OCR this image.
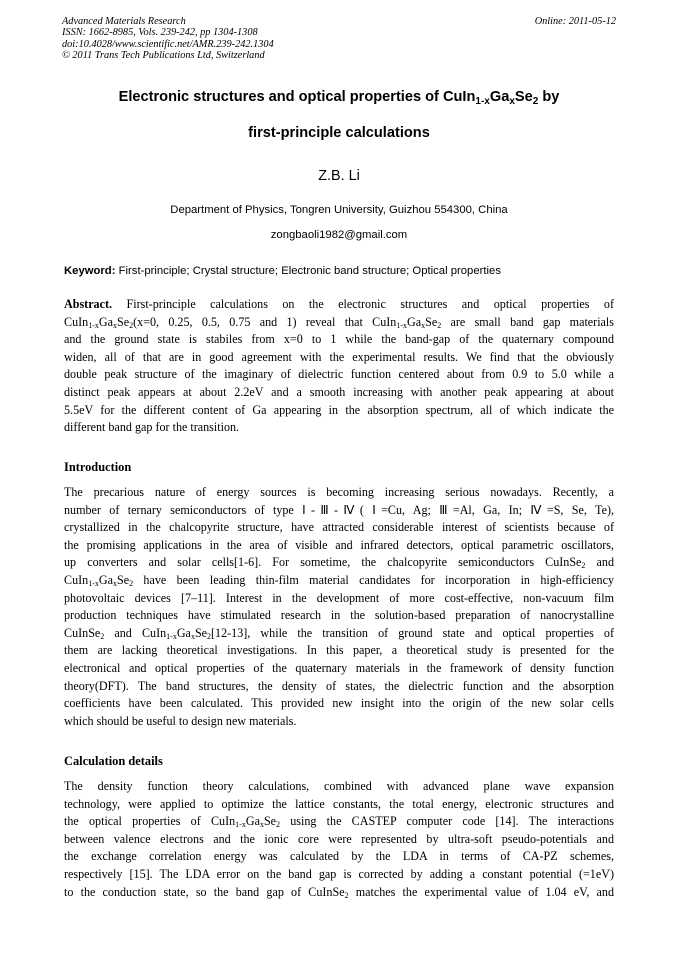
Advanced Materials Research
ISSN: 1662-8985, Vols. 239-242, pp 1304-1308
doi:10.4028/www.scientific.net/AMR.239-242.1304
© 2011 Trans Tech Publications Ltd, Switzerland
Online: 2011-05-12
Electronic structures and optical properties of $CuIn_{1-x}Ga_xSe_2$ by
first-principle calculations
Z.B. Li
Department of Physics, Tongren University, Guizhou 554300, China
zongbaoli1982@gmail.com
Keyword: First-principle; Crystal structure; Electronic band structure; Optical properties
Abstract. First-principle calculations on the electronic structures and optical properties of
$CuIn_{1-x}Ga_xSe_2(x=0$, 0.25, 0.5, 0.75 and 1) reveal that $CuIn_{1-x}Ga_xSe_2$ are small band gap materials
and the ground state is stabiles from x=0 to 1 while the band-gap of the quaternary compound
widen, all of that are in good agreement with the experimental results. We find that the obviously
double peak structure of the imaginary of dielectric function centered about from 0.9 to 5.0 while a
distinct peak appears at about 2.2eV and a smooth increasing with another peak appearing at about
5.5eV for the different content of Ga appearing in the absorption spectrum, all of which indicate the
different band gap for the transition.
Introduction
The precarious nature of energy sources is becoming increasing serious nowadays. Recently, a
number of ternary semiconductors of type Ⅰ-Ⅲ-Ⅳ( Ⅰ=Cu, Ag; Ⅲ=Al, Ga, In; Ⅳ=S, Se, Te),
crystallized in the chalcopyrite structure, have attracted considerable interest of scientists because of
the promising applications in the area of visible and infrared detectors, optical parametric oscillators,
up converters and solar cells[1-6]. For sometime, the chalcopyrite semiconductors CuInSe$_2$ and
$CuIn_{1-x}Ga_xSe_2$ have been leading thin-film material candidates for incorporation in high-efficiency
photovoltaic devices [7–11]. Interest in the development of more cost-effective, non-vacuum film
production techniques have stimulated research in the solution-based preparation of nanocrystalline
CuInSe$_2$ and $CuIn_{1-x}Ga_xSe_2[12-13]$, while the transition of ground state and optical properties of
them are lacking theoretical investigations. In this paper, a theoretical study is presented for the
electronical and optical properties of the quaternary materials in the framework of density function
theory(DFT). The band structures, the density of states, the dielectric function and the absorption
coefficients have been calculated. This provided new insight into the origin of the new solar cells
which should be useful to design new materials.
Calculation details
The density function theory calculations, combined with advanced plane wave expansion
technology, were applied to optimize the lattice constants, the total energy, electronic structures and
the optical properties of $CuIn_{1-x}Ga_xSe_2$ using the CASTEP computer code [14]. The interactions
between valence electrons and the ionic core were represented by ultra-soft pseudo-potentials and
the exchange correlation energy was calculated by the LDA in terms of CA-PZ schemes,
respectively [15]. The LDA error on the band gap is corrected by adding a constant potential (=1eV)
to the conduction state, so the band gap of CuInSe$_2$ matches the experimental value of 1.04 eV, and
